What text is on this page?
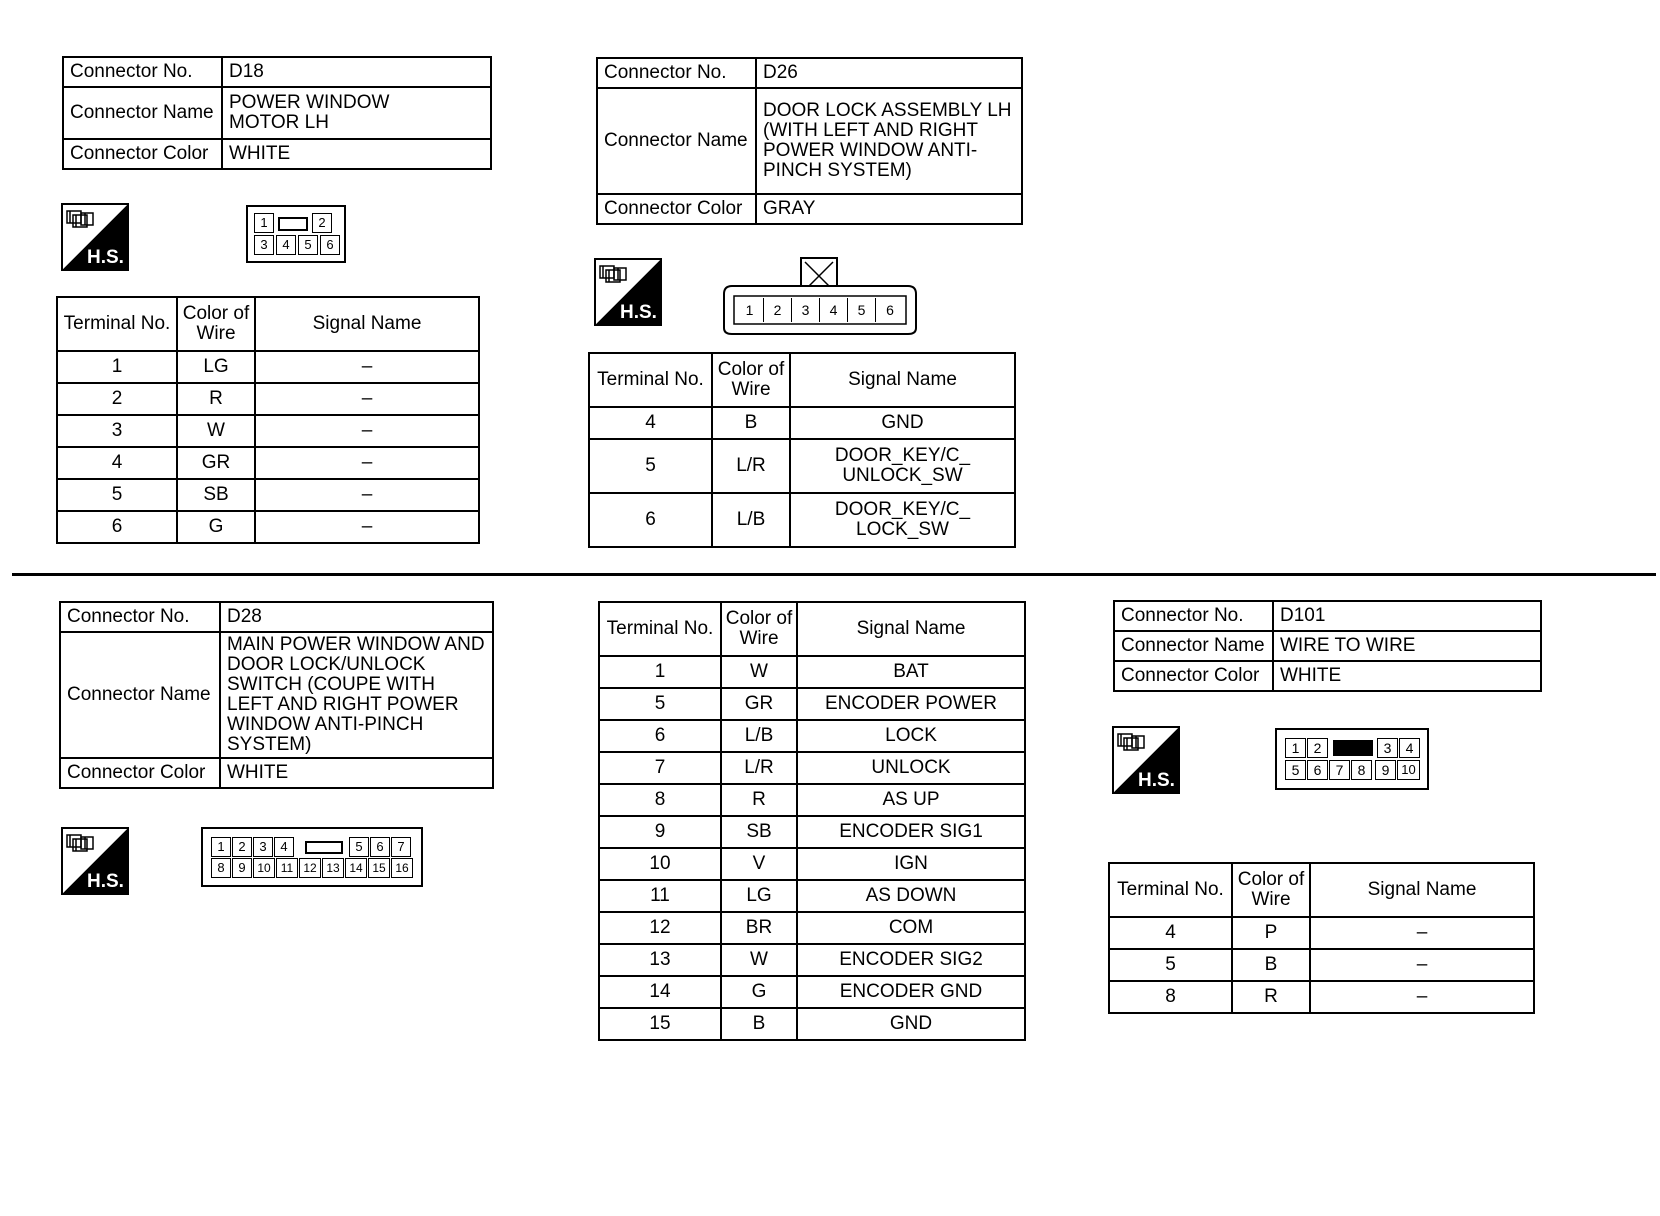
Connector No.	D18
Connector Name	POWER WINDOW MOTOR LH
Connector Color	WHITE
H.S.
1	2
3	4	5	6
Terminal No.	Color of Wire	Signal Name
1	LG	–
2	R	–
3	W	–
4	GR	–
5	SB	–
6	G	–
Connector No.	D26
Connector Name	DOOR LOCK ASSEMBLY LH (WITH LEFT AND RIGHT POWER WINDOW ANTI-PINCH SYSTEM)
Connector Color	GRAY
H.S.	1	2	3	4	5	6
Terminal No.	Color of Wire	Signal Name
4	B	GND
5	L/R	DOOR_KEY/C_ UNLOCK_SW
6	L/B	DOOR_KEY/C_ LOCK_SW
Connector No.	D28
Connector Name	MAIN POWER WINDOW AND DOOR LOCK/UNLOCK SWITCH (COUPE WITH LEFT AND RIGHT POWER WINDOW ANTI-PINCH SYSTEM)
Connector Color	WHITE
H.S.
1	2	3	4	5	6	7
8	9 10 11 12 13 14 15 16
Terminal No.	Color of Wire	Signal Name
1	W	BAT
5	GR	ENCODER POWER
6	L/B	LOCK
7	L/R	UNLOCK
8	R	AS UP
9	SB	ENCODER SIG1
10	V	IGN
11	LG	AS DOWN
12	BR	COM
13	W	ENCODER SIG2
14	G	ENCODER GND
15	B	GND
Connector No.	D101
Connector Name	WIRE TO WIRE
Connector Color	WHITE
H.S.
1	2	3	4
5	6	7	8	9 10
Terminal No.	Color of Wire	Signal Name
4	P	–
5	B	–
8	R	–
